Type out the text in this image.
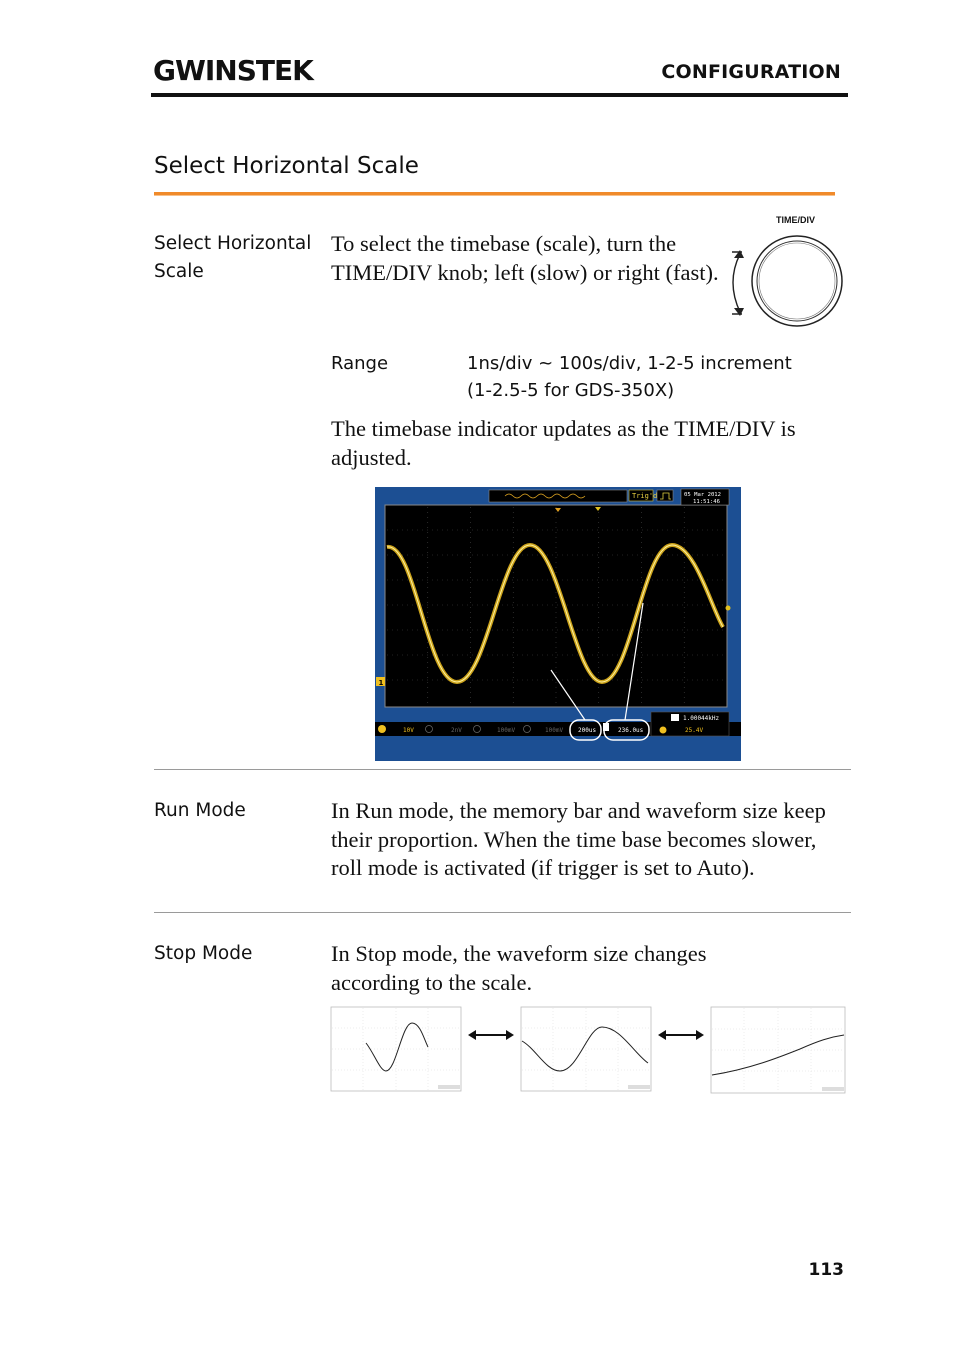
GWINSTEK	CONFIGURATION
Select Horizontal Scale
Select Horizontal Scale
To select the timebase (scale), turn the TIME/DIV knob; left (slow) or right (fast).
TIME/DIV
Range	1ns/div ~ 100s/div, 1-2-5 increment
(1-2.5-5 for GDS-350X)
The timebase indicator updates as the TIME/DIV is adjusted.
Trig'd	05 Mar 2012
11:51:46
1
10V	2nV	100mV	100mV 200us	236.0us
1.00044kHz
25.4V
Run Mode	In Run mode, the memory bar and waveform size keep their proportion. When the time base becomes slower, roll mode is activated (if trigger is set to Auto).
Stop Mode	In Stop mode, the waveform size changes according to the scale.
113
